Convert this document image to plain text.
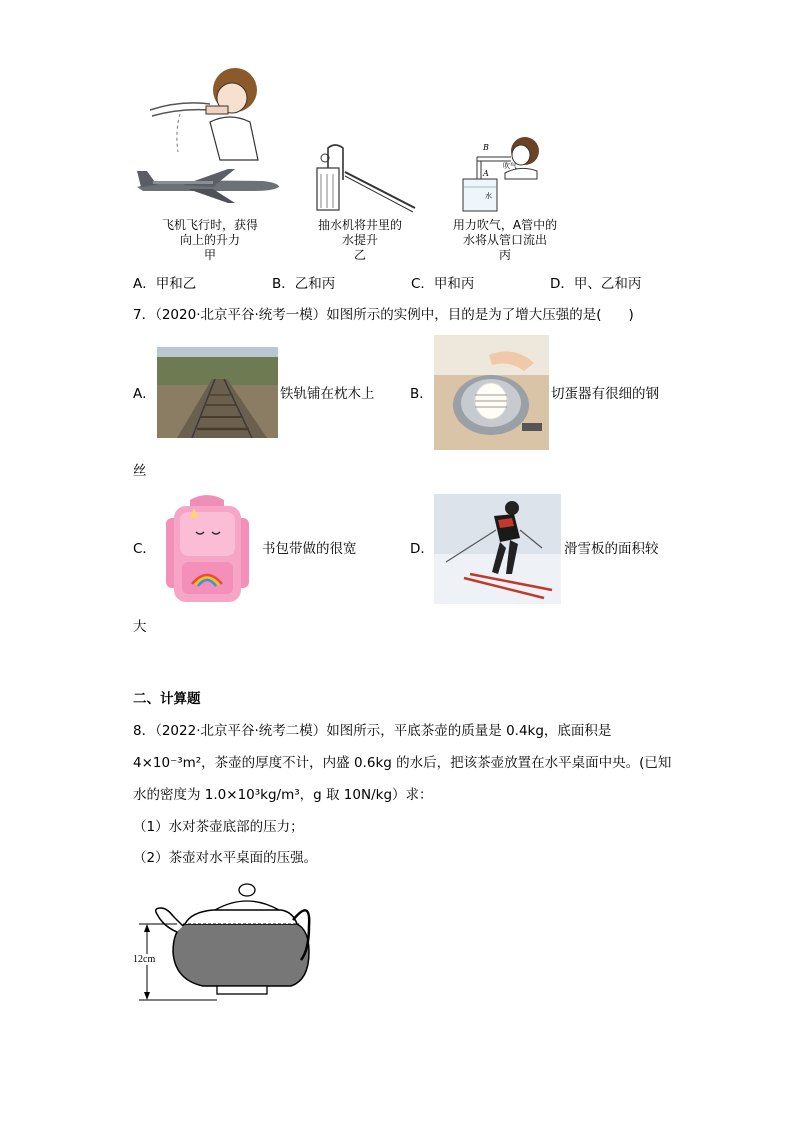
B
A
吹气
水
飞机飞行时，获得
向上的升力
甲
抽水机将井里的
水提升
乙
用力吹气，A管中的
水将从管口流出
丙
A．甲和乙	B．乙和丙	C．甲和丙	D．甲、乙和丙
7．（2020·北京平谷·统考一模）如图所示的实例中，目的是为了增大压强的是(　　)
A．	铁轨铺在枕木上	B．	切蛋器有很细的钢
丝
C．	书包带做的很宽	D．	滑雪板的面积较
大
二、计算题
8．（2022·北京平谷·统考二模）如图所示，平底茶壶的质量是 0.4kg，底面积是
4×10⁻³m²，茶壶的厚度不计，内盛 0.6kg 的水后，把该茶壶放置在水平桌面中央。(已知
水的密度为 1.0×10³kg/m³，g 取 10N/kg）求：
（1）水对茶壶底部的压力；
（2）茶壶对水平桌面的压强。
12cm
